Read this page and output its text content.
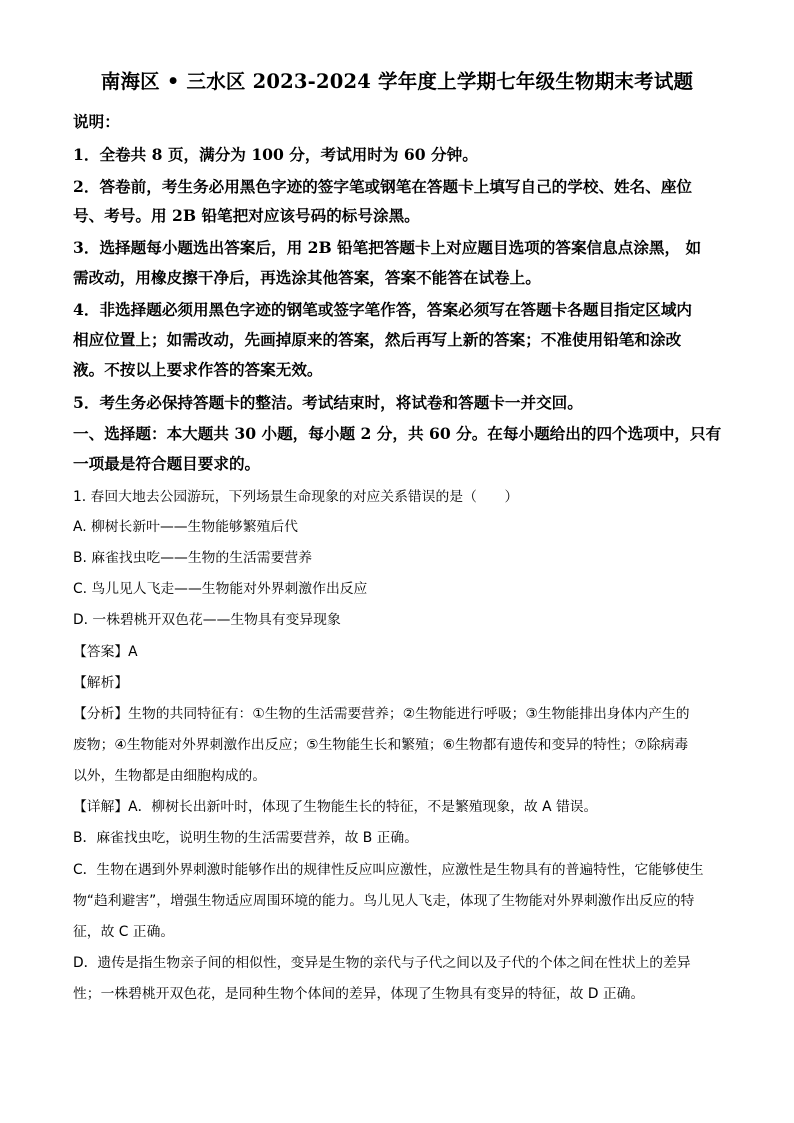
南海区 • 三水区 2023-2024 学年度上学期七年级生物期末考试题
说明：
1．全卷共 8 页，满分为 100 分，考试用时为 60 分钟。
2．答卷前，考生务必用黑色字迹的签字笔或钢笔在答题卡上填写自己的学校、姓名、座位
号、考号。用 2B 铅笔把对应该号码的标号涂黑。
3．选择题每小题选出答案后，用 2B 铅笔把答题卡上对应题目选项的答案信息点涂黑， 如
需改动，用橡皮擦干净后，再选涂其他答案，答案不能答在试卷上。
4．非选择题必须用黑色字迹的钢笔或签字笔作答，答案必须写在答题卡各题目指定区域内
相应位置上；如需改动，先画掉原来的答案，然后再写上新的答案；不准使用铅笔和涂改
液。不按以上要求作答的答案无效。
5．考生务必保持答题卡的整洁。考试结束时，将试卷和答题卡一并交回。
一、选择题：本大题共 30 小题，每小题 2 分，共 60 分。在每小题给出的四个选项中，只有
一项最是符合题目要求的。
1. 春回大地去公园游玩，下列场景生命现象的对应关系错误的是（　　）
A. 柳树长新叶——生物能够繁殖后代
B. 麻雀找虫吃——生物的生活需要营养
C. 鸟儿见人飞走——生物能对外界刺激作出反应
D. 一株碧桃开双色花——生物具有变异现象
【答案】A
【解析】
【分析】生物的共同特征有：①生物的生活需要营养；②生物能进行呼吸；③生物能排出身体内产生的
废物；④生物能对外界刺激作出反应；⑤生物能生长和繁殖；⑥生物都有遗传和变异的特性；⑦除病毒
以外，生物都是由细胞构成的。
【详解】A．柳树长出新叶时，体现了生物能生长的特征，不是繁殖现象，故 A 错误。
B．麻雀找虫吃，说明生物的生活需要营养，故 B 正确。
C．生物在遇到外界刺激时能够作出的规律性反应叫应激性，应激性是生物具有的普遍特性，它能够使生
物“趋利避害”，增强生物适应周围环境的能力。鸟儿见人飞走，体现了生物能对外界刺激作出反应的特
征，故 C 正确。
D．遗传是指生物亲子间的相似性，变异是生物的亲代与子代之间以及子代的个体之间在性状上的差异
性；一株碧桃开双色花，是同种生物个体间的差异，体现了生物具有变异的特征，故 D 正确。
